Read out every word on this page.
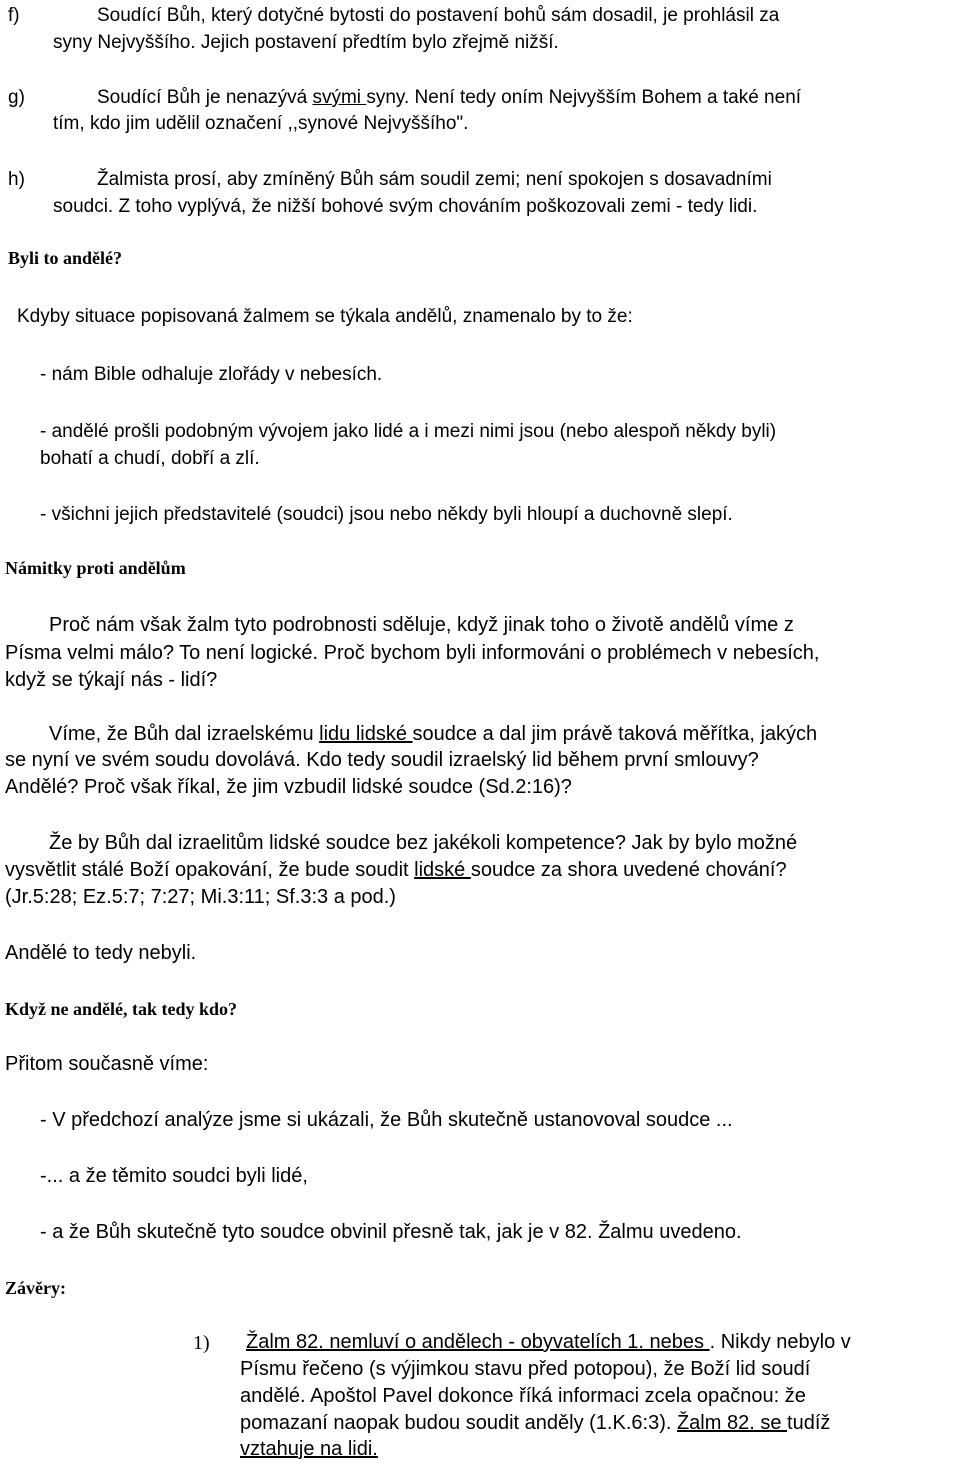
f)	Soudící Bůh, který dotyčné bytosti do postavení bohů sám dosadil, je prohlásil za
syny Nejvyššího. Jejich postavení předtím bylo zřejmě nižší.
g)	Soudící Bůh je nenazývá svými syny. Není tedy oním Nejvyšším Bohem a také není
tím, kdo jim udělil označení ,,synové Nejvyššího".
h)	Žalmista prosí, aby zmíněný Bůh sám soudil zemi; není spokojen s dosavadními
soudci. Z toho vyplývá, že nižší bohové svým chováním poškozovali zemi - tedy lidi.
Byli to andělé?
Kdyby situace popisovaná žalmem se týkala andělů, znamenalo by to že:
- nám Bible odhaluje zlořády v nebesích.
- andělé prošli podobným vývojem jako lidé a i mezi nimi jsou (nebo alespoň někdy byli)
bohatí a chudí, dobří a zlí.
- všichni jejich představitelé (soudci) jsou nebo někdy byli hloupí a duchovně slepí.
Námitky proti andělům
Proč nám však žalm tyto podrobnosti sděluje, když jinak toho o životě andělů víme z
Písma velmi málo? To není logické. Proč bychom byli informováni o problémech v nebesích,
když se týkají nás - lidí?
Víme, že Bůh dal izraelskému lidu lidské soudce a dal jim právě taková měřítka, jakých
se nyní ve svém soudu dovolává. Kdo tedy soudil izraelský lid během první smlouvy?
Andělé? Proč však říkal, že jim vzbudil lidské soudce (Sd.2:16)?
Že by Bůh dal izraelitům lidské soudce bez jakékoli kompetence? Jak by bylo možné
vysvětlit stálé Boží opakování, že bude soudit lidské soudce za shora uvedené chování?
(Jr.5:28; Ez.5:7; 7:27; Mi.3:11; Sf.3:3 a pod.)
Andělé to tedy nebyli.
Když ne andělé, tak tedy kdo?
Přitom současně víme:
- V předchozí analýze jsme si ukázali, že Bůh skutečně ustanovoval soudce ...
-... a že těmito soudci byli lidé,
- a že Bůh skutečně tyto soudce obvinil přesně tak, jak je v 82. Žalmu uvedeno.
Závěry:
1) Žalm 82. nemluví o andělech - obyvatelích 1. nebes . Nikdy nebylo v
Písmu řečeno (s výjimkou stavu před potopou), že Boží lid soudí
andělé. Apoštol Pavel dokonce říká informaci zcela opačnou: že
pomazaní naopak budou soudit anděly (1.K.6:3). Žalm 82. se tudíž
vztahuje na lidi.
